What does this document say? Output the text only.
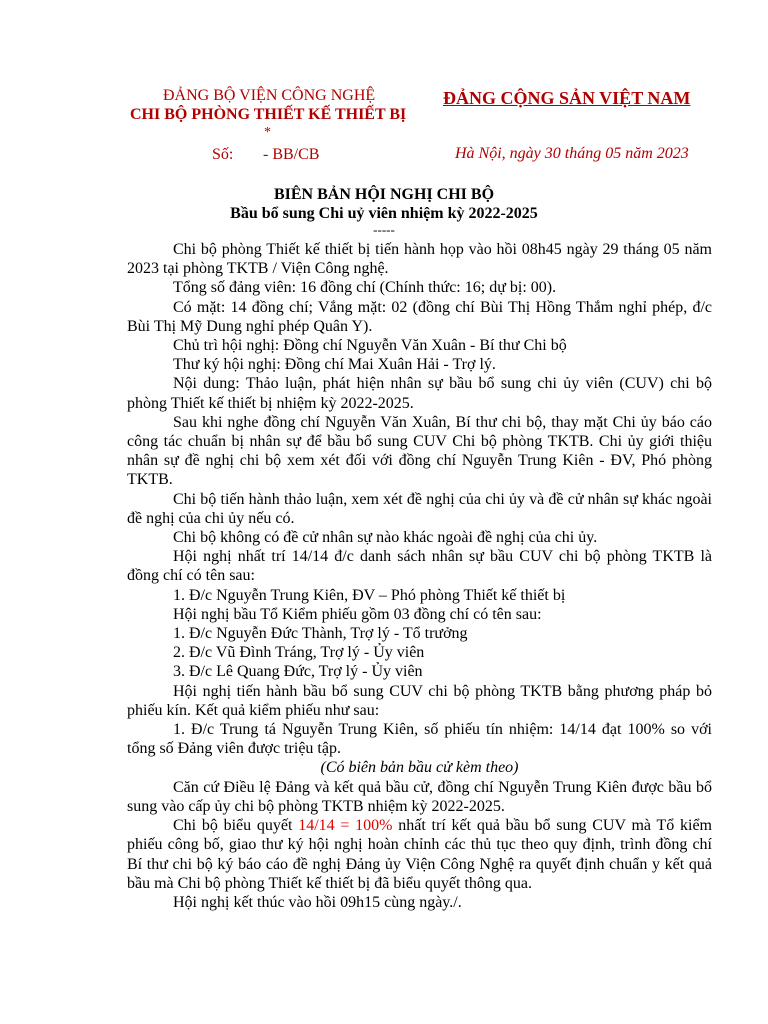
ĐẢNG BỘ VIỆN CÔNG NGHỆ
CHI BỘ PHÒNG THIẾT KẾ THIẾT BỊ
*
ĐẢNG CỘNG SẢN VIỆT NAM
Số: - BB/CB	Hà Nội, ngày 30 tháng 05 năm 2023
BIÊN BẢN HỘI NGHỊ CHI BỘ
Bầu bổ sung Chi uỷ viên nhiệm kỳ 2022-2025
-----

Chi bộ phòng Thiết kế thiết bị tiến hành họp vào hồi 08h45 ngày 29 tháng 05 năm 2023 tại phòng TKTB / Viện Công nghệ.

Tổng số đảng viên: 16 đồng chí (Chính thức: 16; dự bị: 00).

Có mặt: 14 đồng chí; Vắng mặt: 02 (đồng chí Bùi Thị Hồng Thắm nghỉ phép, đ/c Bùi Thị Mỹ Dung nghỉ phép Quân Y).

Chủ trì hội nghị: Đồng chí Nguyễn Văn Xuân - Bí thư Chi bộ

Thư ký hội nghị: Đồng chí Mai Xuân Hải - Trợ lý.

Nội dung: Thảo luận, phát hiện nhân sự bầu bổ sung chi ủy viên (CUV) chi bộ phòng Thiết kế thiết bị nhiệm kỳ 2022-2025.

Sau khi nghe đồng chí Nguyễn Văn Xuân, Bí thư chi bộ, thay mặt Chi ủy báo cáo công tác chuẩn bị nhân sự để bầu bổ sung CUV Chi bộ phòng TKTB. Chi ủy giới thiệu nhân sự đề nghị chi bộ xem xét đối với đồng chí Nguyễn Trung Kiên - ĐV, Phó phòng TKTB.

Chi bộ tiến hành thảo luận, xem xét đề nghị của chi ủy và đề cử nhân sự khác ngoài đề nghị của chi ủy nếu có.

Chi bộ không có đề cử nhân sự nào khác ngoài đề nghị của chi ủy.

Hội nghị nhất trí 14/14 đ/c danh sách nhân sự bầu CUV chi bộ phòng TKTB là đồng chí có tên sau:

1. Đ/c Nguyễn Trung Kiên, ĐV – Phó phòng Thiết kế thiết bị

Hội nghị bầu Tổ Kiểm phiếu gồm 03 đồng chí có tên sau:

1. Đ/c Nguyễn Đức Thành, Trợ lý - Tổ trưởng

2. Đ/c Vũ Đình Tráng, Trợ lý - Ủy viên

3. Đ/c Lê Quang Đức, Trợ lý - Ủy viên

Hội nghị tiến hành bầu bổ sung CUV chi bộ phòng TKTB bằng phương pháp bỏ phiếu kín. Kết quả kiểm phiếu như sau:

1. Đ/c Trung tá Nguyễn Trung Kiên, số phiếu tín nhiệm: 14/14 đạt 100% so với tổng số Đảng viên được triệu tập.

(Có biên bản bầu cử kèm theo)

Căn cứ Điều lệ Đảng và kết quả bầu cử, đồng chí Nguyễn Trung Kiên được bầu bổ sung vào cấp ủy chi bộ phòng TKTB nhiệm kỳ 2022-2025.

Chi bộ biểu quyết 14/14 = 100% nhất trí kết quả bầu bổ sung CUV mà Tổ kiểm phiếu công bố, giao thư ký hội nghị hoàn chỉnh các thủ tục theo quy định, trình đồng chí Bí thư chi bộ ký báo cáo đề nghị Đảng ủy Viện Công Nghệ ra quyết định chuẩn y kết quả bầu mà Chi bộ phòng Thiết kế thiết bị đã biểu quyết thông qua.

Hội nghị kết thúc vào hồi 09h15 cùng ngày./.
